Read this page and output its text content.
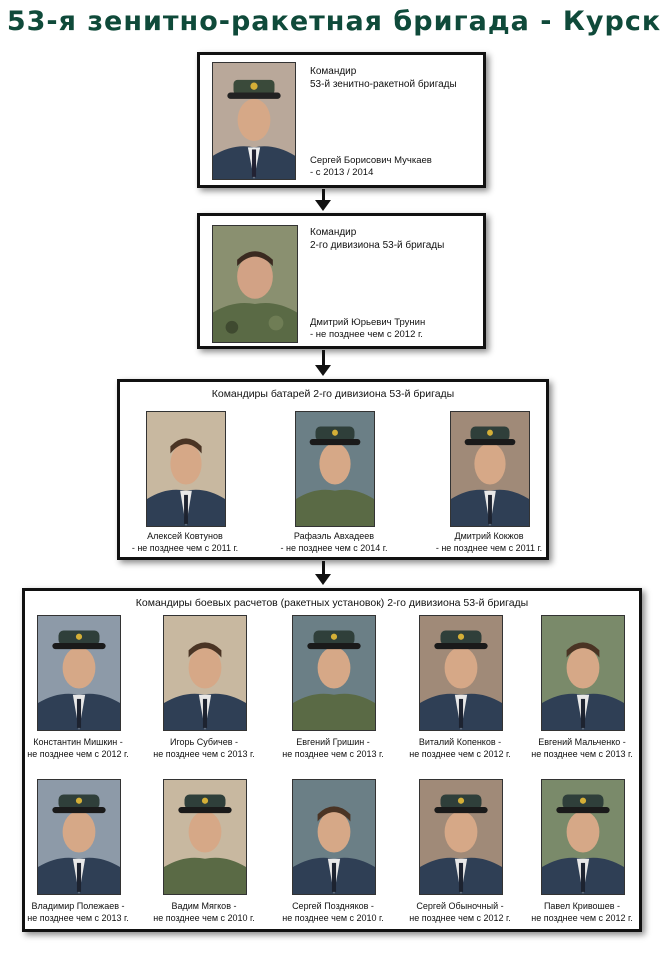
53-я зенитно-ракетная бригада - Курск
Командир
53-й зенитно-ракетной бригады
Сергей Борисович Мучкаев
- с 2013 / 2014
Командир
2-го дивизиона 53-й бригады
Дмитрий Юрьевич Трунин
- не позднее чем с 2012 г.
Командиры батарей 2-го дивизиона 53-й бригады
Алексей Ковтунов
- не позднее чем с 2011 г.
Рафаэль Авхадеев
- не позднее чем с 2014 г.
Дмитрий Кокжов
- не позднее чем с 2011 г.
Командиры боевых расчетов (ракетных установок) 2-го дивизиона 53-й бригады
Константин Мишкин -
не позднее чем с 2012 г.
Игорь Субичев -
не позднее чем с 2013 г.
Евгений Гришин -
не позднее чем с 2013 г.
Виталий Копенков -
не позднее чем с 2012 г.
Евгений Мальченко -
не позднее чем с 2013 г.
Владимир Полежаев -
не позднее чем с 2013 г.
Вадим Мягков -
не позднее чем с 2010 г.
Сергей Поздняков -
не позднее чем с 2010 г.
Сергей Обыночный -
не позднее чем с 2012 г.
Павел Кривошев -
не позднее чем с 2012 г.
